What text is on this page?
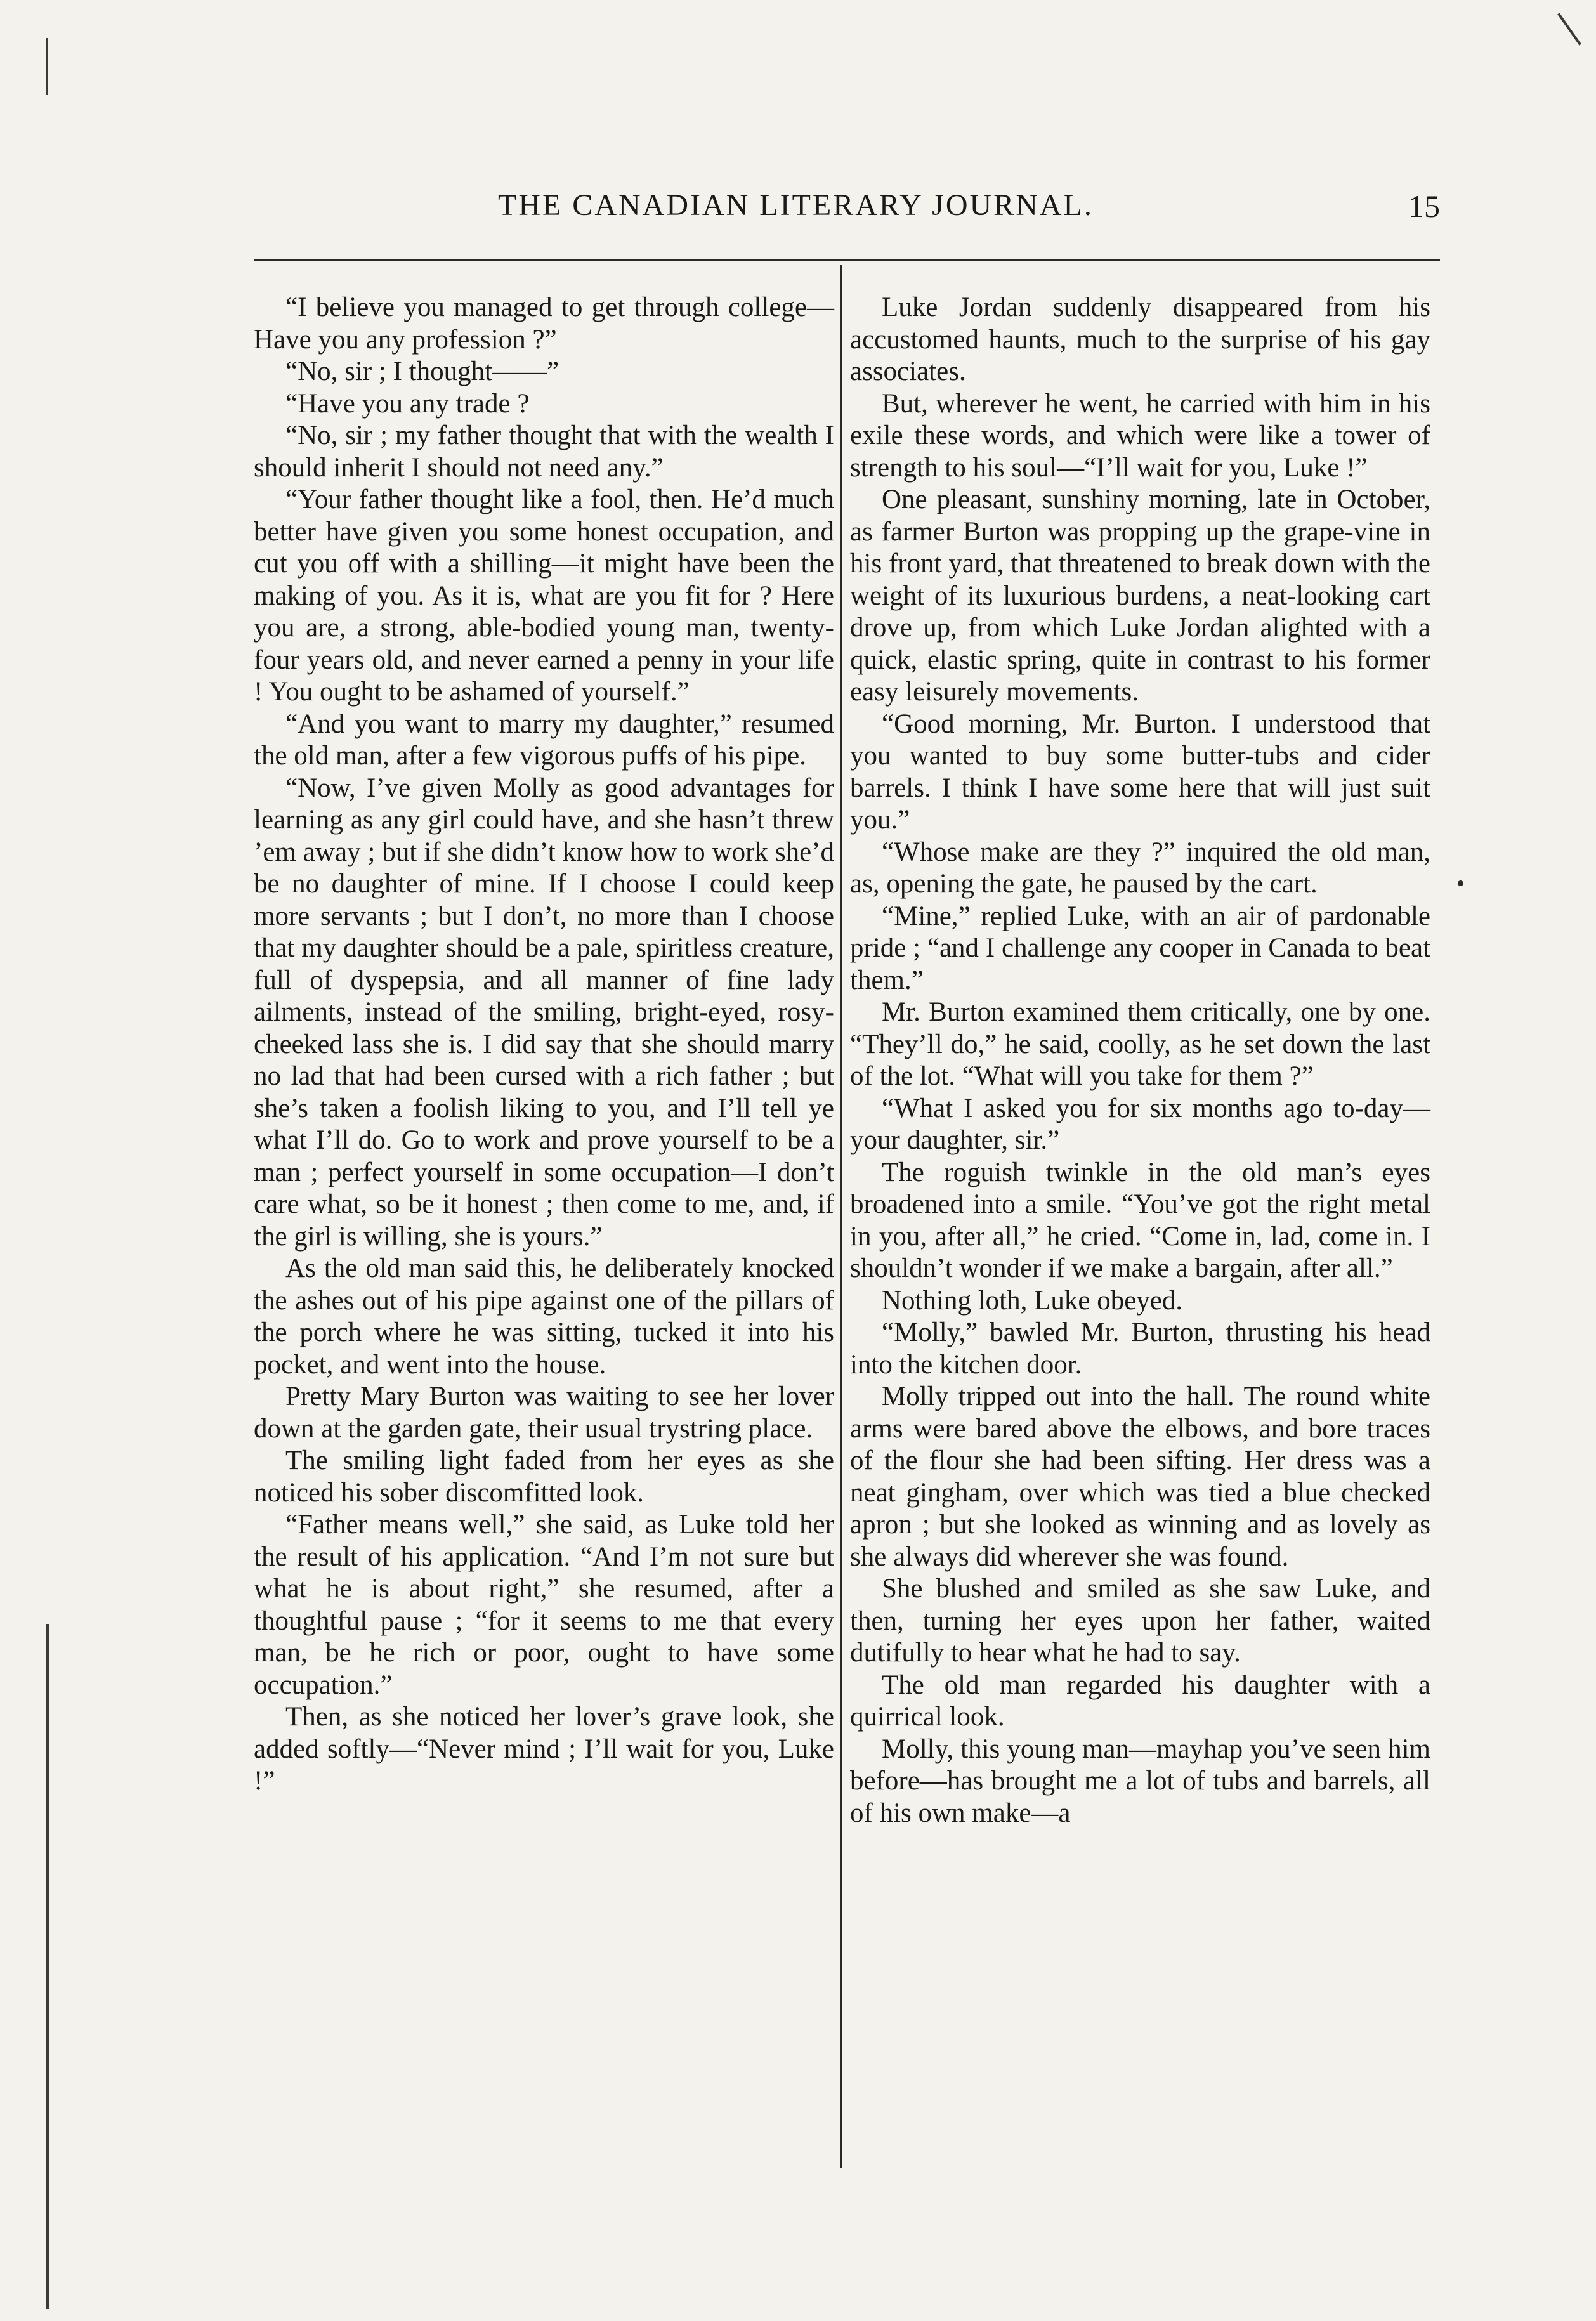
THE CANADIAN LITERARY JOURNAL.	15

“I believe you managed to get through college—Have you any profession ?”

“No, sir ; I thought——”

“Have you any trade ?

“No, sir ; my father thought that with the wealth I should inherit I should not need any.”

“Your father thought like a fool, then. He’d much better have given you some honest occupation, and cut you off with a shilling—it might have been the making of you. As it is, what are you fit for ? Here you are, a strong, able-bodied young man, twenty-four years old, and never earned a penny in your life ! You ought to be ashamed of yourself.”

“And you want to marry my daughter,” resumed the old man, after a few vigorous puffs of his pipe.

“Now, I’ve given Molly as good advantages for learning as any girl could have, and she hasn’t threw ’em away ; but if she didn’t know how to work she’d be no daughter of mine. If I choose I could keep more servants ; but I don’t, no more than I choose that my daughter should be a pale, spiritless creature, full of dyspepsia, and all manner of fine lady ailments, instead of the smiling, bright-eyed, rosy-cheeked lass she is. I did say that she should marry no lad that had been cursed with a rich father ; but she’s taken a foolish liking to you, and I’ll tell ye what I’ll do. Go to work and prove yourself to be a man ; perfect yourself in some occupation—I don’t care what, so be it honest ; then come to me, and, if the girl is willing, she is yours.”

As the old man said this, he deliberately knocked the ashes out of his pipe against one of the pillars of the porch where he was sitting, tucked it into his pocket, and went into the house.

Pretty Mary Burton was waiting to see her lover down at the garden gate, their usual trystring place.

The smiling light faded from her eyes as she noticed his sober discomfitted look.

“Father means well,” she said, as Luke told her the result of his application. “And I’m not sure but what he is about right,” she resumed, after a thoughtful pause ; “for it seems to me that every man, be he rich or poor, ought to have some occupation.”

Then, as she noticed her lover’s grave look, she added softly—“Never mind ; I’ll wait for you, Luke !”

Luke Jordan suddenly disappeared from his accustomed haunts, much to the surprise of his gay associates.

But, wherever he went, he carried with him in his exile these words, and which were like a tower of strength to his soul—“I’ll wait for you, Luke !”

One pleasant, sunshiny morning, late in October, as farmer Burton was propping up the grape-vine in his front yard, that threatened to break down with the weight of its luxurious burdens, a neat-looking cart drove up, from which Luke Jordan alighted with a quick, elastic spring, quite in contrast to his former easy leisurely movements.

“Good morning, Mr. Burton. I understood that you wanted to buy some butter-tubs and cider barrels. I think I have some here that will just suit you.”

“Whose make are they ?” inquired the old man, as, opening the gate, he paused by the cart.

“Mine,” replied Luke, with an air of pardonable pride ; “and I challenge any cooper in Canada to beat them.”

Mr. Burton examined them critically, one by one. “They’ll do,” he said, coolly, as he set down the last of the lot. “What will you take for them ?”

“What I asked you for six months ago to-day—your daughter, sir.”

The roguish twinkle in the old man’s eyes broadened into a smile. “You’ve got the right metal in you, after all,” he cried. “Come in, lad, come in. I shouldn’t wonder if we make a bargain, after all.”

Nothing loth, Luke obeyed.

“Molly,” bawled Mr. Burton, thrusting his head into the kitchen door.

Molly tripped out into the hall. The round white arms were bared above the elbows, and bore traces of the flour she had been sifting. Her dress was a neat gingham, over which was tied a blue checked apron ; but she looked as winning and as lovely as she always did wherever she was found.

She blushed and smiled as she saw Luke, and then, turning her eyes upon her father, waited dutifully to hear what he had to say.

The old man regarded his daughter with a quirrical look.

Molly, this young man—mayhap you’ve seen him before—has brought me a lot of tubs and barrels, all of his own make—a
